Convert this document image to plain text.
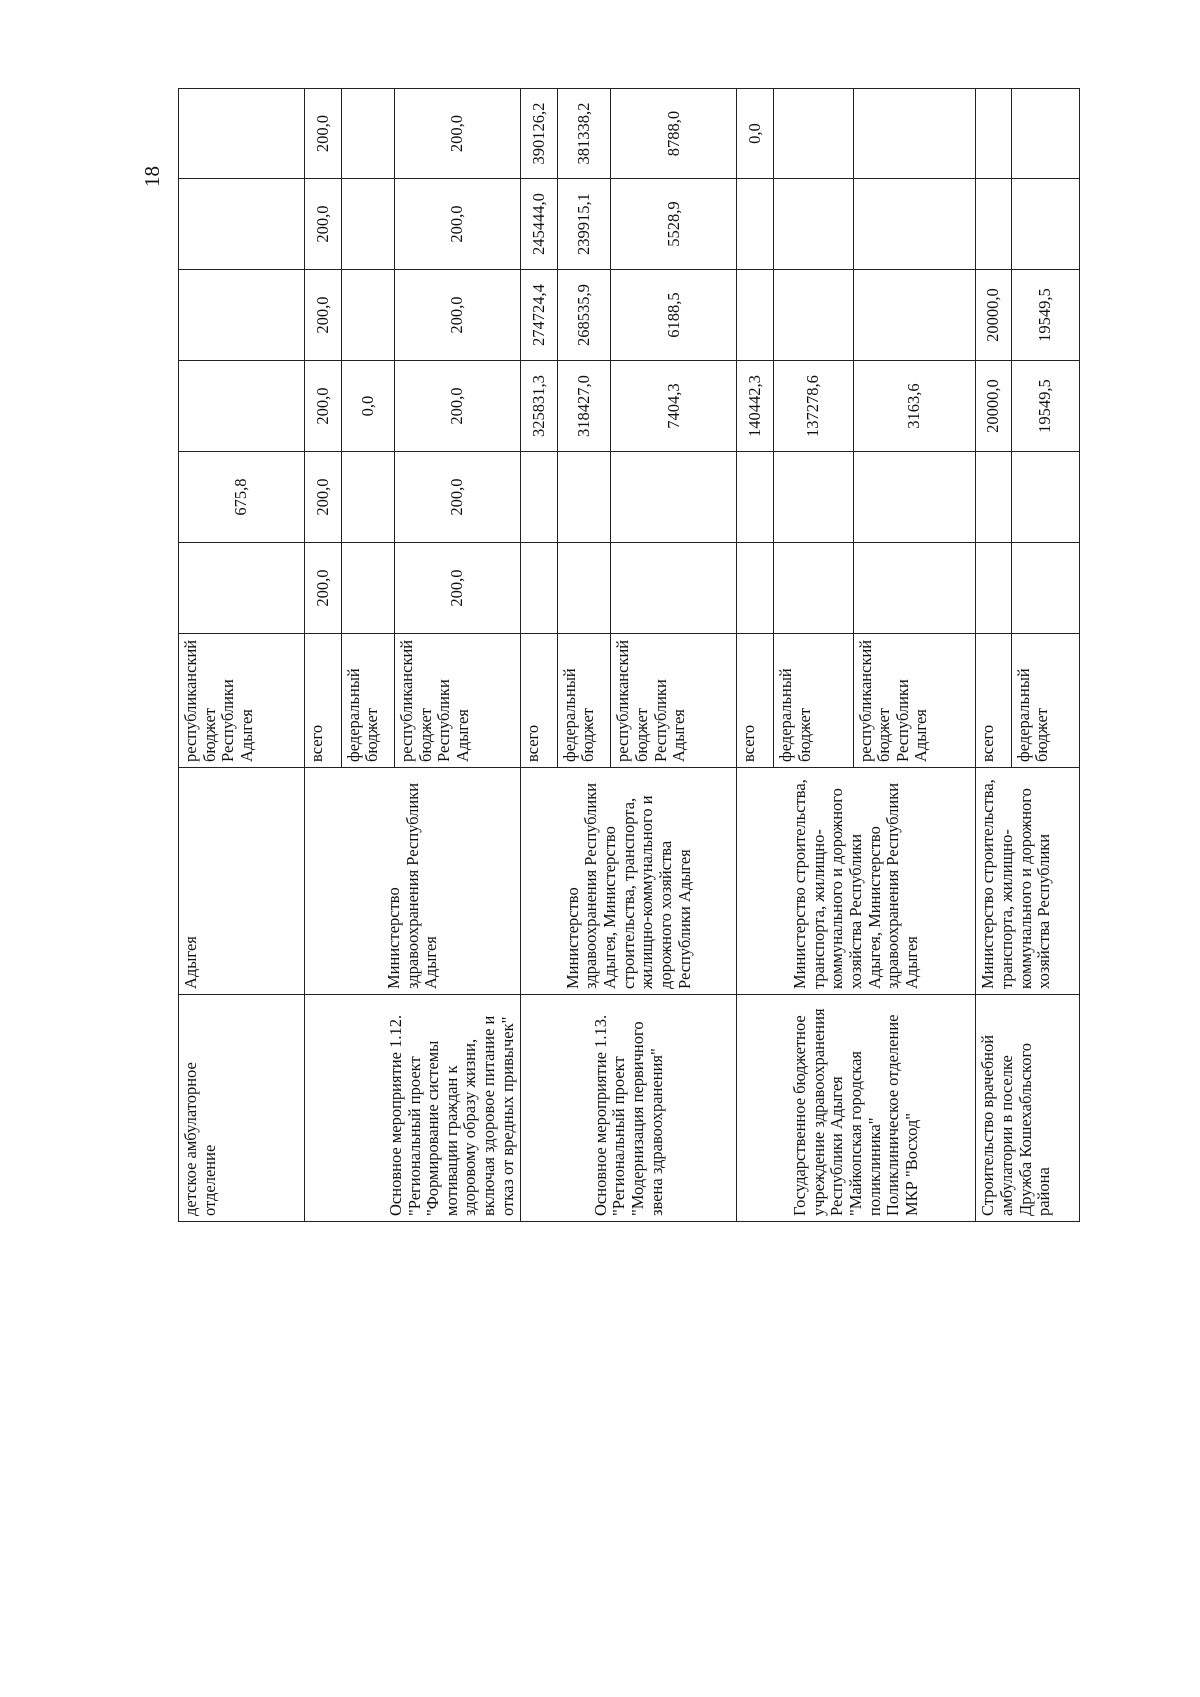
18
детское амбулаторное отделение	Адыгея	республиканский бюджет Республики Адыгея		675,8				
Основное мероприятие 1.12. "Региональный проект "Формирование системы мотивации граждан к здоровому образу жизни, включая здоровое питание и отказ от вредных привычек"	Министерство здравоохранения Республики Адыгея	всего	200,0	200,0	200,0	200,0	200,0	200,0
		федеральный бюджет			0,0			
		республиканский бюджет Республики Адыгея	200,0	200,0	200,0	200,0	200,0	200,0
Основное мероприятие 1.13. "Региональный проект "Модернизация первичного звена здравоохранения"	Министерство здравоохранения Республики Адыгея, Министерство строительства, транспорта, жилищно-коммунального и дорожного хозяйства Республики Адыгея	всего			325831,3	274724,4	245444,0	390126,2
		федеральный бюджет			318427,0	268535,9	239915,1	381338,2
		республиканский бюджет Республики Адыгея			7404,3	6188,5	5528,9	8788,0
Государственное бюджетное учреждение здравоохранения Республики Адыгея "Майкопская городская поликлиника" Поликлиническое отделение МКР "Восход"	Министерство строительства, транспорта, жилищно-коммунального и дорожного хозяйства Республики Адыгея, Министерство здравоохранения Республики Адыгея	всего			140442,3			0,0
		федеральный бюджет			137278,6			
		республиканский бюджет Республики Адыгея			3163,6			
Строительство врачебной амбулатории в поселке Дружба Кошехабльского района	Министерство строительства, транспорта, жилищно-коммунального и дорожного хозяйства Республики	всего			20000,0	20000,0		
		федеральный бюджет			19549,5	19549,5		
